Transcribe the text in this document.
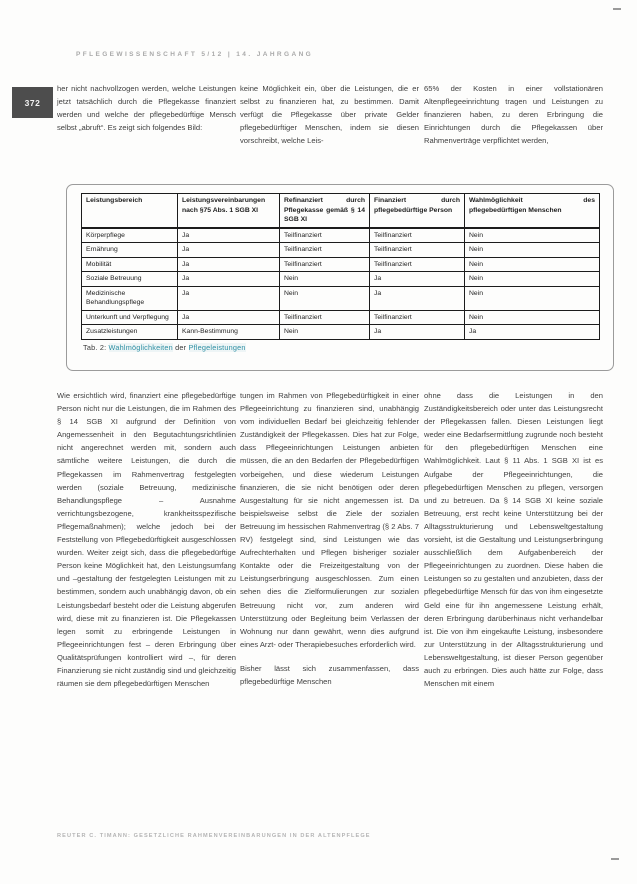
PFLEGEWISSENSCHAFT 5/12 | 14. JAHRGANG
372
her nicht nachvollzogen werden, welche Leistungen jetzt tatsächlich durch die Pflegekasse finanziert werden und welche der pflegebedürftige Mensch selbst „abruft“. Es zeigt sich folgendes Bild:
keine Möglichkeit ein, über die Leistungen, die er selbst zu finanzieren hat, zu bestimmen. Damit verfügt die Pflegekasse über private Gelder pflegebedürftiger Menschen, indem sie diesen vorschreibt, welche Leis-
65% der Kosten in einer vollstationären Altenpflegeeinrichtung tragen und Leistungen zu finanzieren haben, zu deren Erbringung die Einrichtungen durch die Pflegekassen über Rahmenverträge verpflichtet werden,
Leistungsbereich	Leistungsvereinbarungen nach §75 Abs. 1 SGB XI	Refinanziert durch Pflegekasse gemäß § 14 SGB XI	Finanziert durch pflegebedürftige Person	Wahlmöglichkeit des pflegebedürftigen Menschen
Körperpflege	Ja	Teilfinanziert	Teilfinanziert	Nein
Ernährung	Ja	Teilfinanziert	Teilfinanziert	Nein
Mobilität	Ja	Teilfinanziert	Teilfinanziert	Nein
Soziale Betreuung	Ja	Nein	Ja	Nein
Medizinische Behandlungspflege	Ja	Nein	Ja	Nein
Unterkunft und Verpflegung	Ja	Teilfinanziert	Teilfinanziert	Nein
Zusatzleistungen	Kann-Bestimmung	Nein	Ja	Ja
Tab. 2: Wahlmöglichkeiten der Pflegeleistungen
Wie ersichtlich wird, finanziert eine pflegebedürftige Person nicht nur die Leistungen, die im Rahmen des § 14 SGB XI aufgrund der Definition von Angemessenheit in den Begutachtungsrichtlinien nicht angerechnet werden mit, sondern auch sämtliche weitere Leistungen, die durch die Pflegekassen im Rahmenvertrag festgelegten werden (soziale Betreuung, medizinische Behandlungspflege – Ausnahme verrichtungsbezogene, krankheitsspezifische Pflegemaßnahmen); welche jedoch bei der Feststellung von Pflegebedürftigkeit ausgeschlossen wurden. Weiter zeigt sich, dass die pflegebedürftige Person keine Möglichkeit hat, den Leistungsumfang und –gestaltung der festgelegten Leistungen mit zu bestimmen, sondern auch unabhängig davon, ob ein Leistungsbedarf besteht oder die Leistung abgerufen wird, diese mit zu finanzieren ist. Die Pflegekassen legen somit zu erbringende Leistungen in Pflegeeinrichtungen fest – deren Erbringung über Qualitätsprüfungen kontrolliert wird –, für deren Finanzierung sie nicht zuständig sind und gleichzeitig räumen sie dem pflegebedürftigen Menschen

tungen im Rahmen von Pflegebedürftigkeit in einer Pflegeeinrichtung zu finanzieren sind, unabhängig vom individuellen Bedarf bei gleichzeitig fehlender Zuständigkeit der Pflegekassen. Dies hat zur Folge, dass Pflegeeinrichtungen Leistungen anbieten müssen, die an den Bedarfen der Pflegebedürftigen vorbeigehen, und diese wiederum Leistungen finanzieren, die sie nicht benötigen oder deren Ausgestaltung für sie nicht angemessen ist. Da beispielsweise selbst die Ziele der sozialen Betreuung im hessischen Rahmenvertrag (§ 2 Abs. 7 RV) festgelegt sind, sind Leistungen wie das Aufrechterhalten und Pflegen bisheriger sozialer Kontakte oder die Freizeitgestaltung von der Leistungserbringung ausgeschlossen. Zum einen sehen dies die Zielformulierungen zur sozialen Betreuung nicht vor, zum anderen wird Unterstützung oder Begleitung beim Verlassen der Wohnung nur dann gewährt, wenn dies aufgrund eines Arzt- oder Therapiebesuches erforderlich wird.

Bisher lässt sich zusammenfassen, dass pflegebedürftige Menschen

ohne dass die Leistungen in den Zuständigkeitsbereich oder unter das Leistungsrecht der Pflegekassen fallen. Diesen Leistungen liegt weder eine Bedarfsermittlung zugrunde noch besteht für den pflegebedürftigen Menschen eine Wahlmöglichkeit. Laut § 11 Abs. 1 SGB XI ist es Aufgabe der Pflegeeinrichtungen, die pflegebedürftigen Menschen zu pflegen, versorgen und zu betreuen. Da § 14 SGB XI keine soziale Betreuung, erst recht keine Unterstützung bei der Alltagsstrukturierung und Lebensweltgestaltung vorsieht, ist die Gestaltung und Leistungserbringung ausschließlich dem Aufgabenbereich der Pflegeeinrichtungen zu zuordnen. Diese haben die Leistungen so zu gestalten und anzubieten, dass der pflegebedürftige Mensch für das von ihm eingesetzte Geld eine für ihn angemessene Leistung erhält, deren Erbringung darüberhinaus nicht verhandelbar ist. Die von ihm eingekaufte Leistung, insbesondere zur Unterstützung in der Alltagsstrukturierung und Lebensweltgestaltung, ist dieser Person gegenüber auch zu erbringen. Dies auch hätte zur Folge, dass Menschen mit einem
REUTER C. TIMANN: GESETZLICHE RAHMENVEREINBARUNGEN IN DER ALTENPFLEGE
